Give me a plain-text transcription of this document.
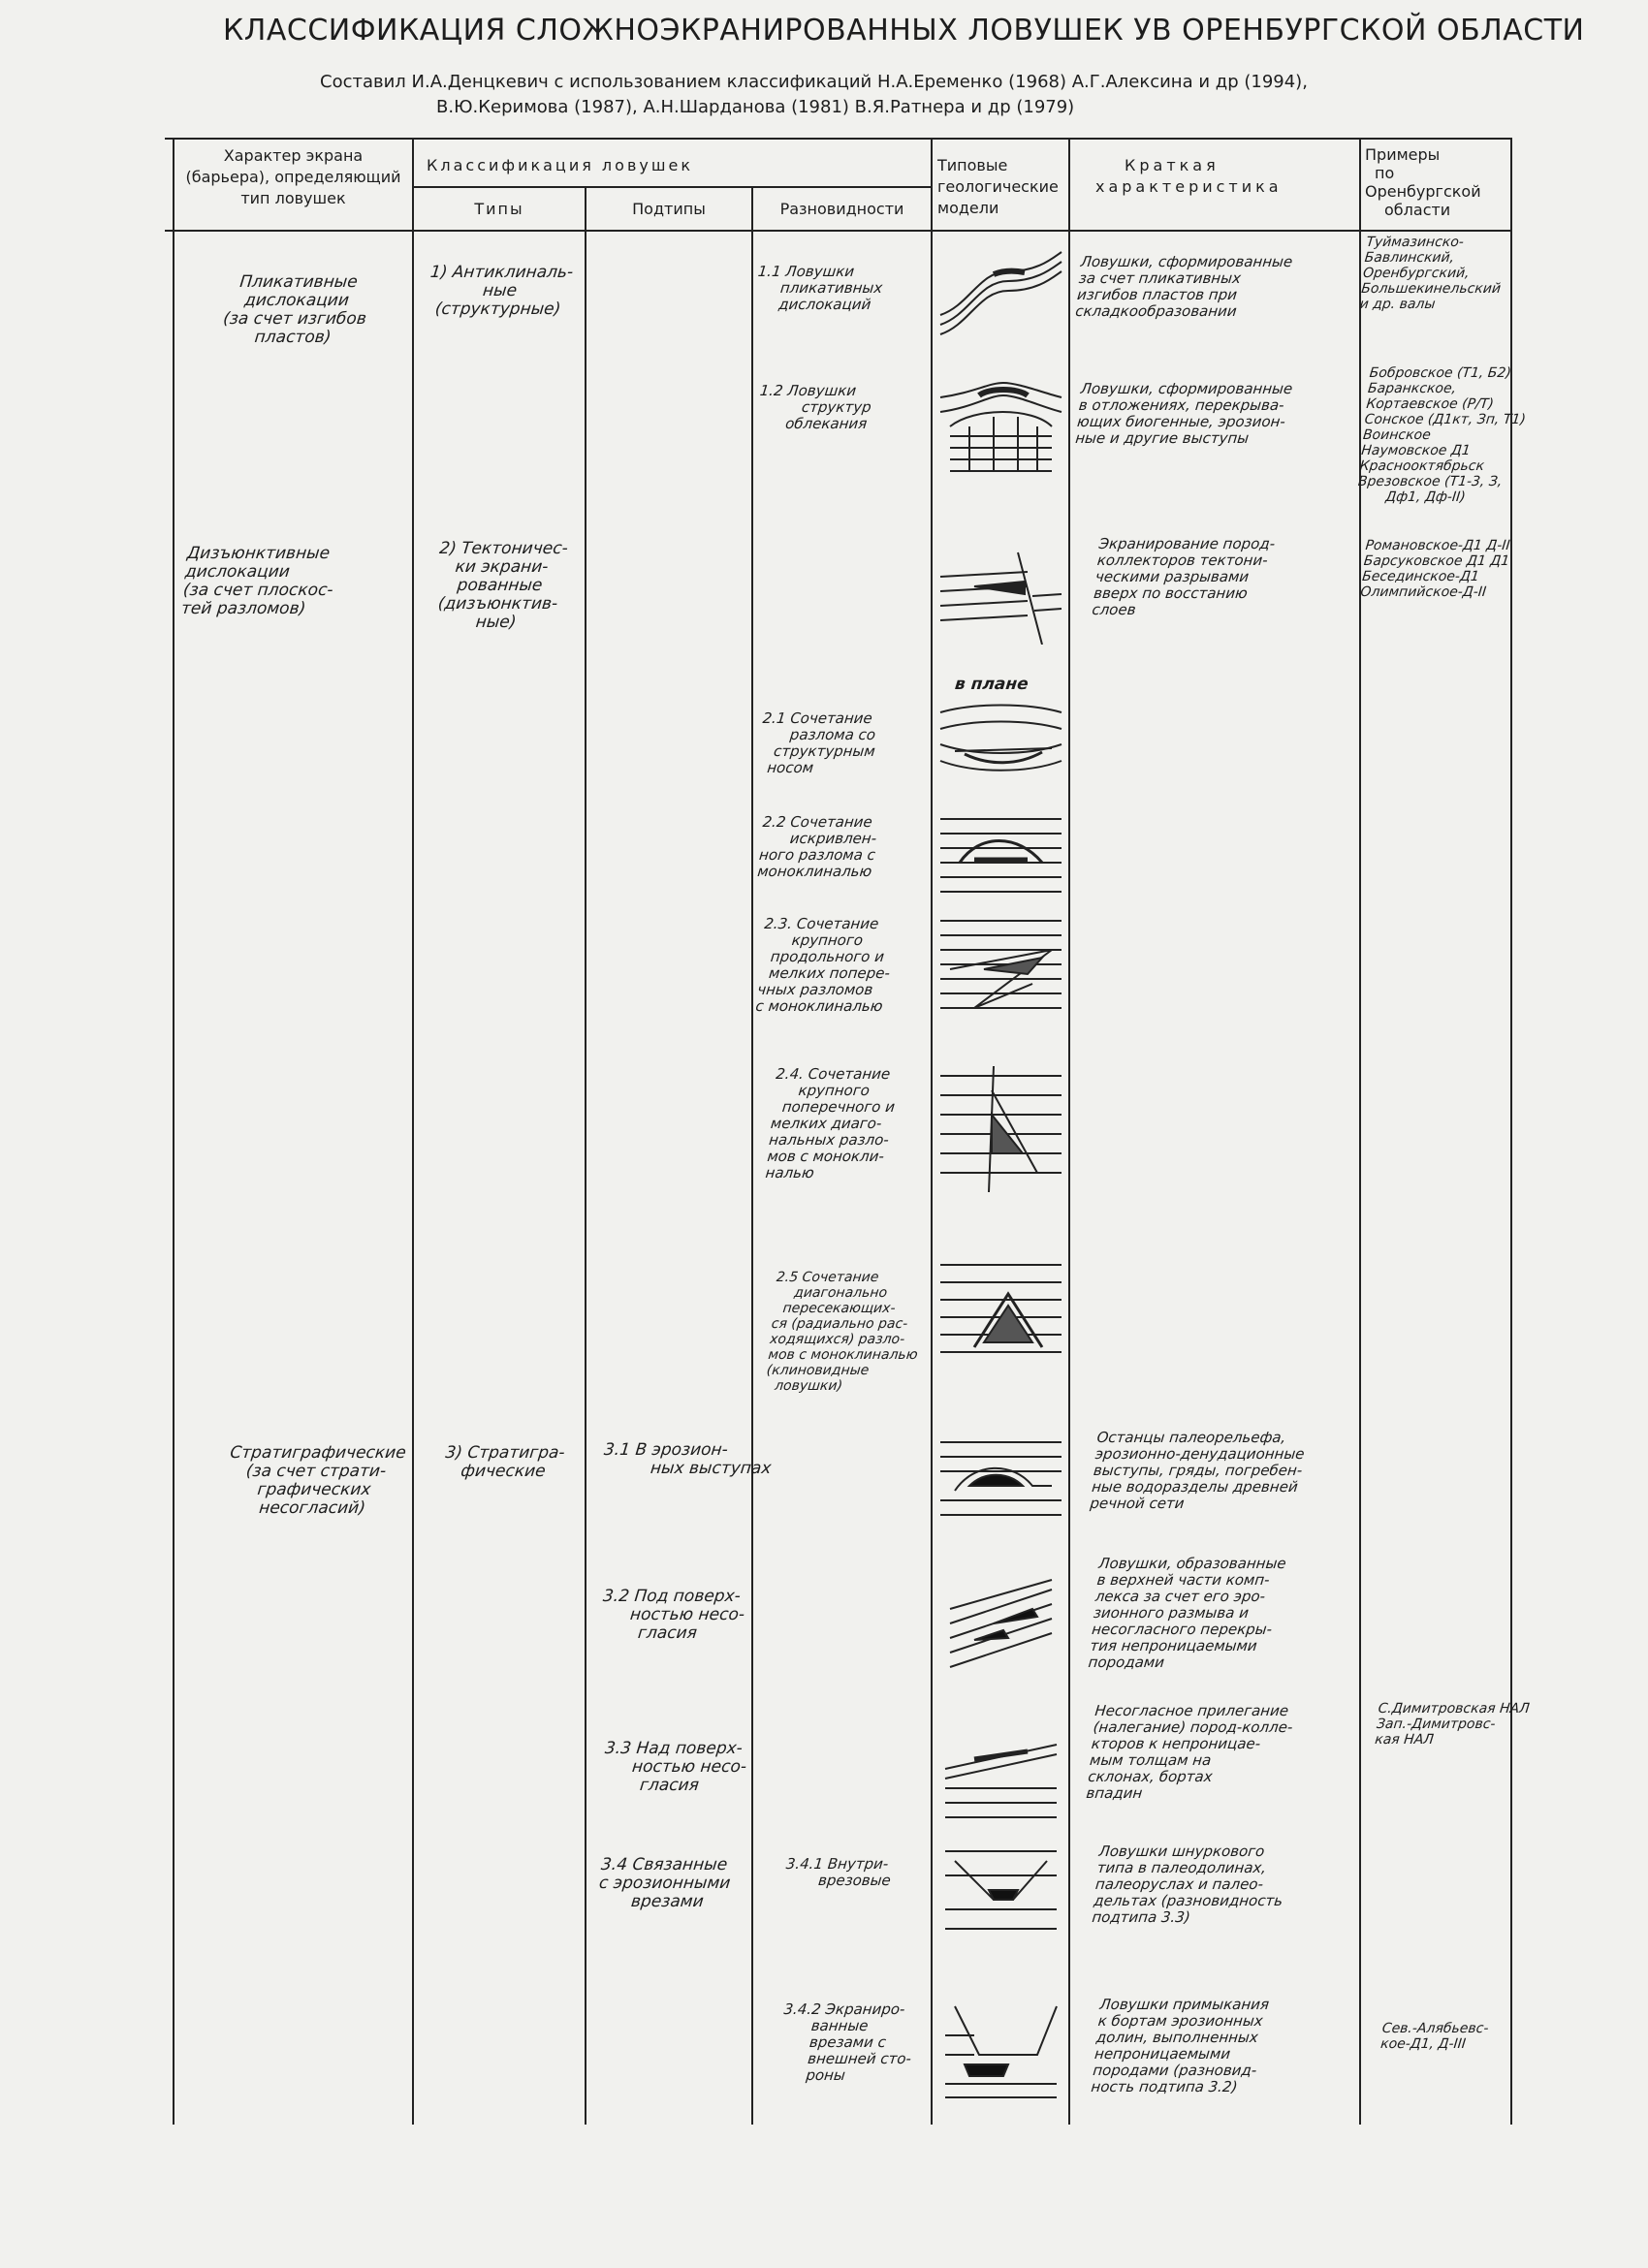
КЛАССИФИКАЦИЯ СЛОЖНОЭКРАНИРОВАННЫХ ЛОВУШЕК УВ ОРЕНБУРГСКОЙ ОБЛАСТИ
Составил И.А.Денцкевич с использованием классификаций Н.А.Еременко (1968) А.Г.Алексина и др (1994),
В.Ю.Керимова (1987), А.Н.Шарданова (1981) В.Я.Ратнера и др (1979)
Характер экрана
(барьера), определяющий
тип ловушек
Классификация ловушек
Типы	Подтипы	Разновидности
Типовые
геологические
модели
Краткая
характеристика
Примеры
по
Оренбургской
области
Пликативные
дислокации
(за счет изгибов
пластов)
Дизъюнктивные
дислокации
(за счет плоскос-
тей разломов)
Стратиграфические
(за счет страти-
графических
несогласий)
1) Антиклиналь-
ные
(структурные)
2) Тектоничес-
ки экрани-
рованные
(дизъюнктив-
ные)
3) Стратигра-
фические
3.1 В эрозион-
ных выступах
3.2 Под поверх-
ностью несо-
гласия
3.3 Над поверх-
ностью несо-
гласия
3.4 Связанные
с эрозионными
врезами
1.1 Ловушки
пликативных
дислокаций
1.2 Ловушки
структур
облекания
2.1 Сочетание
разлома со
структурным
носом
2.2 Сочетание
искривлен-
ного разлома с
моноклиналью
2.3. Сочетание
крупного
продольного и
мелких попере-
чных разломов
с моноклиналью
2.4. Сочетание
крупного
поперечного и
мелких диаго-
нальных разло-
мов с монокли-
налью
2.5 Сочетание
диагонально
пересекающих-
ся (радиально рас-
ходящихся) разло-
мов с моноклиналью
(клиновидные
ловушки)
3.4.1 Внутри-
врезовые
3.4.2 Экраниро-
ванные
врезами с
внешней сто-
роны
в плане
Ловушки, сформированные
за счет пликативных
изгибов пластов при
складкообразовании
Ловушки, сформированные
в отложениях, перекрыва-
ющих биогенные, эрозион-
ные и другие выступы
Экранирование пород-
коллекторов тектони-
ческими разрывами
вверх по восстанию
слоев
Останцы палеорельефа,
эрозионно-денудационные
выступы, гряды, погребен-
ные водоразделы древней
речной сети
Ловушки, образованные
в верхней части комп-
лекса за счет его эро-
зионного размыва и
несогласного перекры-
тия непроницаемыми
породами
Несогласное прилегание
(налегание) пород-колле-
кторов к непроницае-
мым толщам на
склонах, бортах
впадин
Ловушки шнуркового
типа в палеодолинах,
палеоруслах и палео-
дельтах (разновидность
подтипа 3.3)
Ловушки примыкания
к бортам эрозионных
долин, выполненных
непроницаемыми
породами (разновид-
ность подтипа 3.2)
Туймазинско-
Бавлинский,
Оренбургский,
Большекинельский
и др. валы
Бобровское (Т1, Б2)
Баранкское,
Кортаевское (Р/Т)
Сонское (Д1кт, Зп, Т1)
Воинское
Наумовское Д1
Красноoктябрьск
Врезовское (Т1-3, З,
Дф1, Дф-II)
Романовское-Д1 Д-II
Барсуковское Д1 Д1
Бесединское-Д1
Олимпийское-Д-II
С.Димитровская НАЛ
Зап.-Димитровс-
кая НАЛ
Сев.-Алябьевс-
кое-Д1, Д-III
